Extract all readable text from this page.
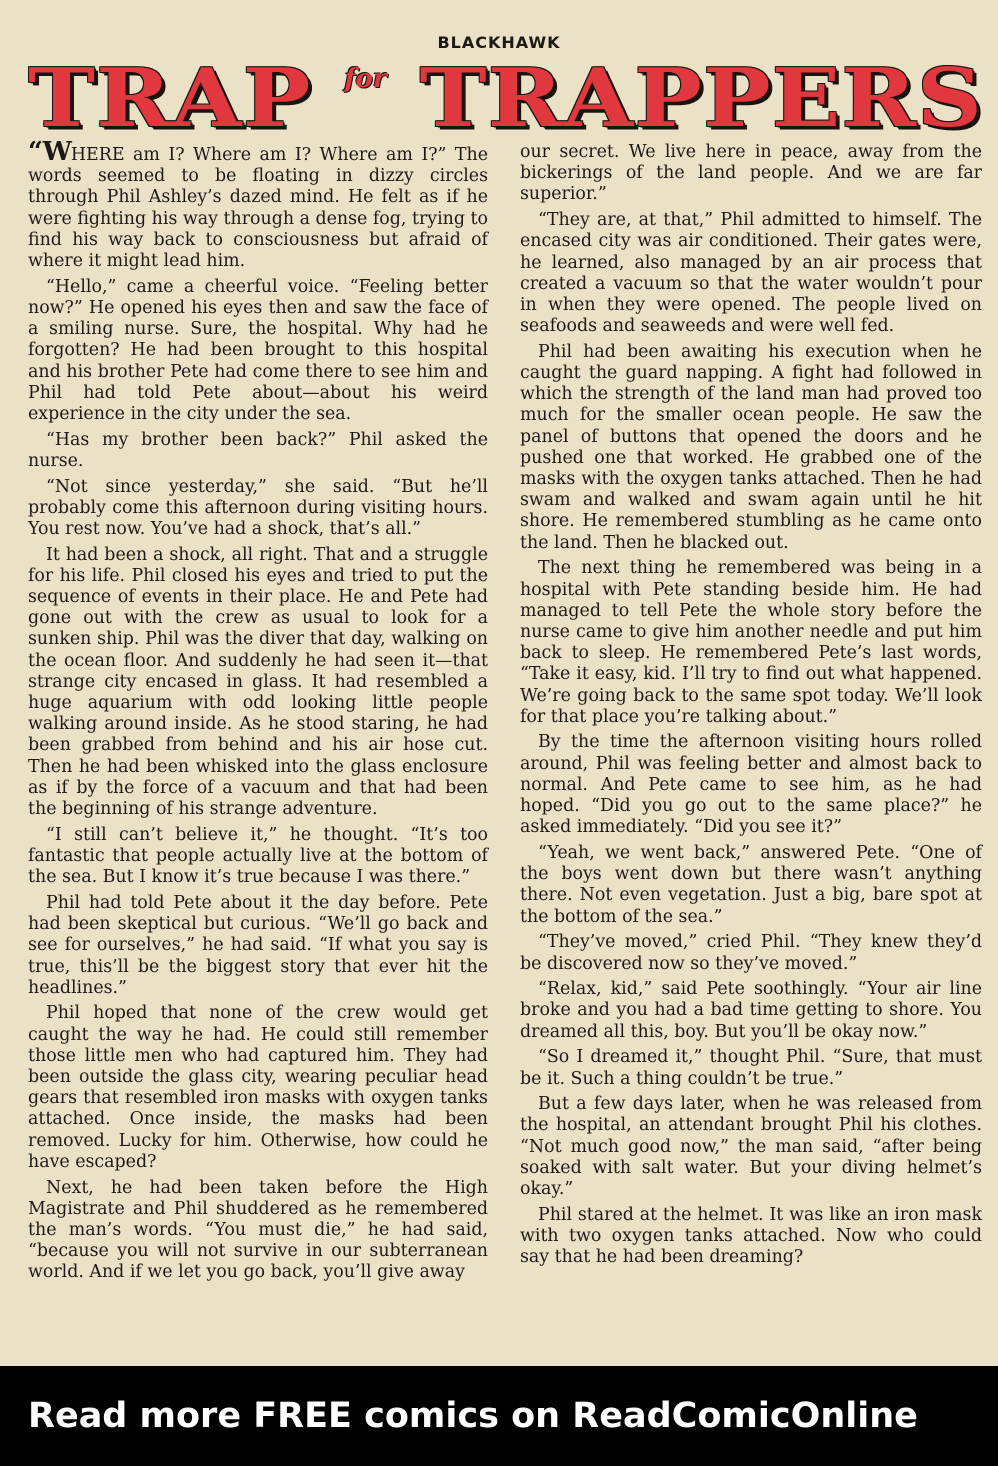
BLACKHAWK
TRAP for TRAPPERS

“WHERE am I? Where am I? Where am I?” The words seemed to be floating in dizzy circles through Phil Ashley’s dazed mind. He felt as if he were fighting his way through a dense fog, trying to find his way back to consciousness but afraid of where it might lead him.

“Hello,” came a cheerful voice. “Feeling better now?” He opened his eyes then and saw the face of a smiling nurse. Sure, the hospital. Why had he forgotten? He had been brought to this hospital and his brother Pete had come there to see him and Phil had told Pete about—about his weird experience in the city under the sea.

“Has my brother been back?” Phil asked the nurse.

“Not since yesterday,” she said. “But he’ll probably come this afternoon during visiting hours. You rest now. You’ve had a shock, that’s all.”

It had been a shock, all right. That and a struggle for his life. Phil closed his eyes and tried to put the sequence of events in their place. He and Pete had gone out with the crew as usual to look for a sunken ship. Phil was the diver that day, walking on the ocean floor. And suddenly he had seen it—that strange city encased in glass. It had resembled a huge aquarium with odd looking little people walking around inside. As he stood staring, he had been grabbed from behind and his air hose cut. Then he had been whisked into the glass enclosure as if by the force of a vacuum and that had been the beginning of his strange adventure.

“I still can’t believe it,” he thought. “It’s too fantastic that people actually live at the bottom of the sea. But I know it’s true because I was there.”

Phil had told Pete about it the day before. Pete had been skeptical but curious. “We’ll go back and see for ourselves,” he had said. “If what you say is true, this’ll be the biggest story that ever hit the headlines.”

Phil hoped that none of the crew would get caught the way he had. He could still remember those little men who had captured him. They had been outside the glass city, wearing peculiar head gears that resembled iron masks with oxygen tanks attached. Once inside, the masks had been removed. Lucky for him. Otherwise, how could he have escaped?

Next, he had been taken before the High Magistrate and Phil shuddered as he remembered the man’s words. “You must die,” he had said, “because you will not survive in our subterranean world. And if we let you go back, you’ll give away

our secret. We live here in peace, away from the bickerings of the land people. And we are far superior.”

“They are, at that,” Phil admitted to himself. The encased city was air conditioned. Their gates were, he learned, also managed by an air process that created a vacuum so that the water wouldn’t pour in when they were opened. The people lived on seafoods and seaweeds and were well fed.

Phil had been awaiting his execution when he caught the guard napping. A fight had followed in which the strength of the land man had proved too much for the smaller ocean people. He saw the panel of buttons that opened the doors and he pushed one that worked. He grabbed one of the masks with the oxygen tanks attached. Then he had swam and walked and swam again until he hit shore. He remembered stumbling as he came onto the land. Then he blacked out.

The next thing he remembered was being in a hospital with Pete standing beside him. He had managed to tell Pete the whole story before the nurse came to give him another needle and put him back to sleep. He remembered Pete’s last words, “Take it easy, kid. I’ll try to find out what happened. We’re going back to the same spot today. We’ll look for that place you’re talking about.”

By the time the afternoon visiting hours rolled around, Phil was feeling better and almost back to normal. And Pete came to see him, as he had hoped. “Did you go out to the same place?” he asked immediately. “Did you see it?”

“Yeah, we went back,” answered Pete. “One of the boys went down but there wasn’t anything there. Not even vegetation. Just a big, bare spot at the bottom of the sea.”

“They’ve moved,” cried Phil. “They knew they’d be discovered now so they’ve moved.”

“Relax, kid,” said Pete soothingly. “Your air line broke and you had a bad time getting to shore. You dreamed all this, boy. But you’ll be okay now.”

“So I dreamed it,” thought Phil. “Sure, that must be it. Such a thing couldn’t be true.”

But a few days later, when he was released from the hospital, an attendant brought Phil his clothes. “Not much good now,” the man said, “after being soaked with salt water. But your diving helmet’s okay.”

Phil stared at the helmet. It was like an iron mask with two oxygen tanks attached. Now who could say that he had been dreaming?

Read more FREE comics on ReadComicOnline
